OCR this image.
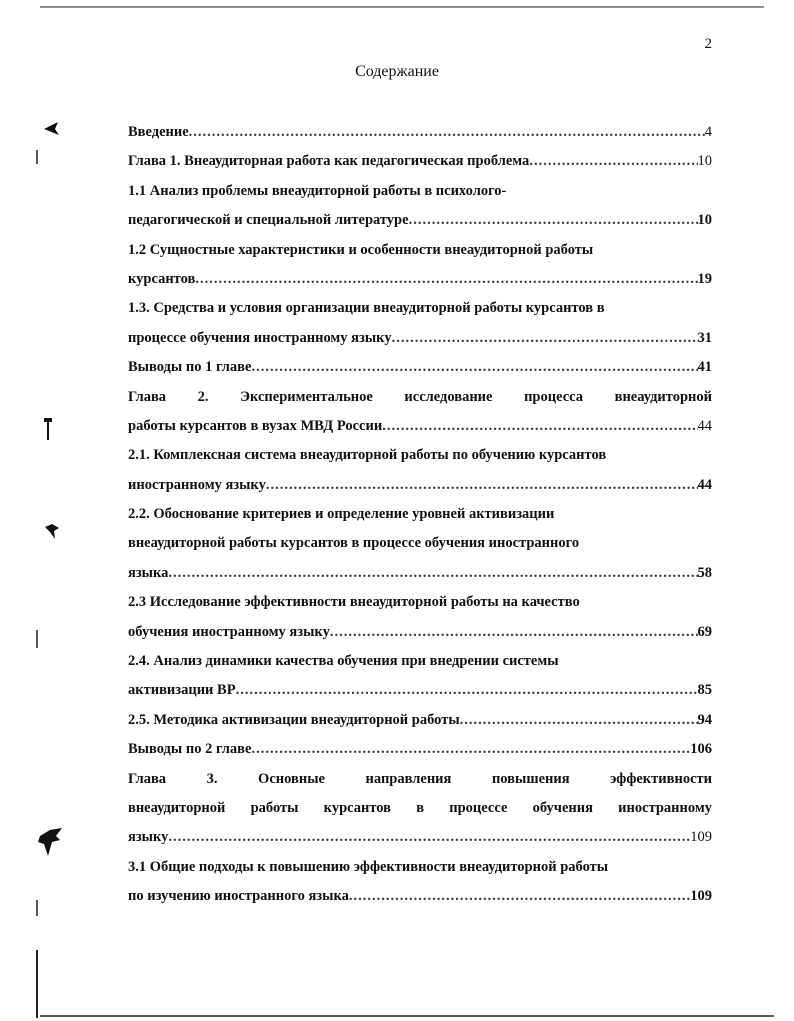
2
Содержание
Введение .....	4
Глава 1. Внеаудиторная работа как педагогическая проблема .....	10
1.1 Анализ проблемы внеаудиторной работы в психолого-
педагогической и специальной литературе .....	10
1.2 Сущностные характеристики и особенности внеаудиторной работы
курсантов .....	19
1.3. Средства и условия организации внеаудиторной работы курсантов в
процессе обучения иностранному языку .....	31
Выводы по 1 главе .....	41
Глава 2. Экспериментальное исследование процесса внеаудиторной
работы курсантов в вузах МВД России .....	44
2.1. Комплексная система внеаудиторной работы по обучению курсантов
иностранному языку .....	44
2.2. Обоснование критериев и определение уровней активизации
внеаудиторной работы курсантов в процессе обучения иностранного
языка .....	58
2.3 Исследование эффективности внеаудиторной работы на качество
обучения иностранному языку .....	69
2.4. Анализ динамики качества обучения при внедрении системы
активизации ВР .....	85
2.5. Методика активизации внеаудиторной работы .....	94
Выводы по 2 главе .....	106
Глава 3. Основные направления повышения эффективности
внеаудиторной работы курсантов в процессе обучения иностранному
языку .....	109
3.1 Общие подходы к повышению эффективности внеаудиторной работы
по изучению иностранного языка .....	109
